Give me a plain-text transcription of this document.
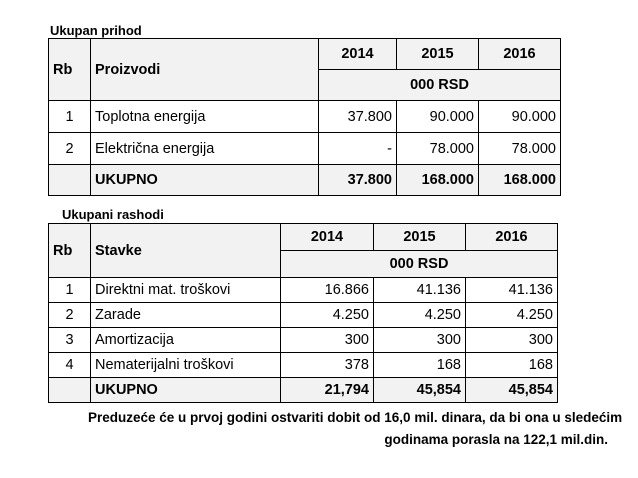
Ukupan prihod
Rb	Proizvodi	2014	2015	2016
		000 RSD		
1	Toplotna energija	37.800	90.000	90.000
2	Električna energija	-	78.000	78.000
	UKUPNO	37.800	168.000	168.000
Ukupani rashodi
Rb	Stavke	2014	2015	2016
		000 RSD		
1	Direktni mat. troškovi	16.866	41.136	41.136
2	Zarade	4.250	4.250	4.250
3	Amortizacija	300	300	300
4	Nematerijalni troškovi	378	168	168
	UKUPNO	21,794	45,854	45,854
Preduzeće će u prvoj godini ostvariti dobit od 16,0 mil. dinara, da bi ona u sledećim
godinama porasla na 122,1 mil.din.
